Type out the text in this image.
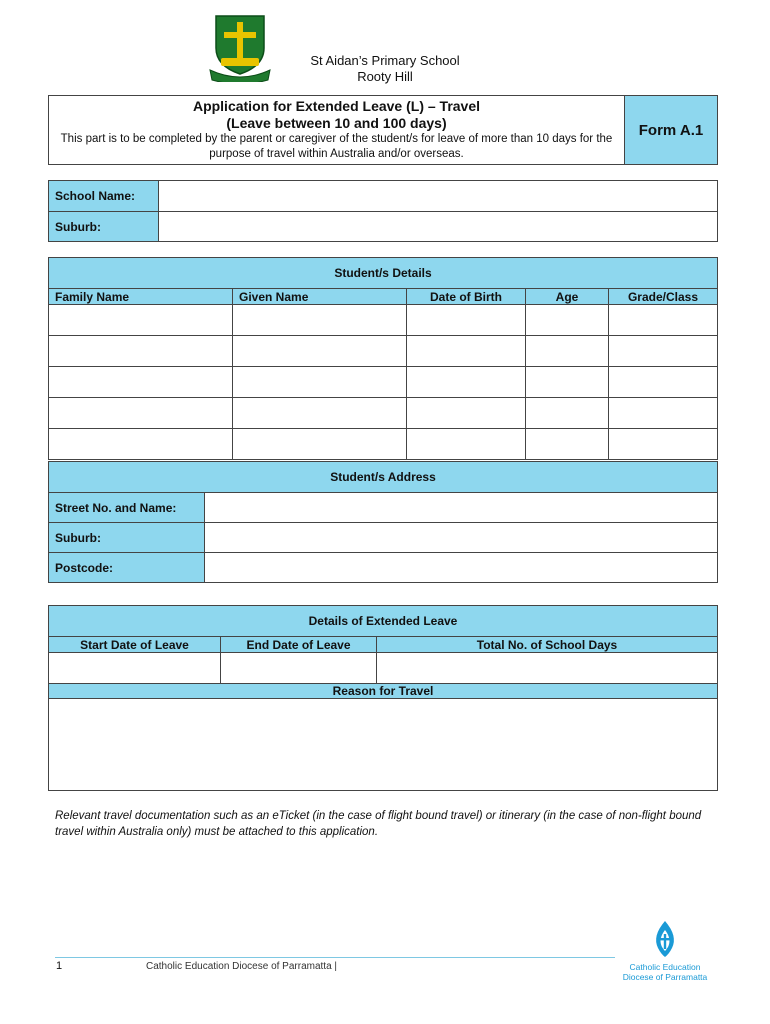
St Aidan’s Primary School
Rooty Hill
Application for Extended Leave (L) – Travel
(Leave between 10 and 100 days)
This part is to be completed by the parent or caregiver of the student/s for leave of more than 10 days for the
purpose of travel within Australia and/or overseas.
	Form A.1
School Name:	
Suburb:	
Student/s Details				
Family Name	Given Name	Date of Birth	Age	Grade/Class

Student/s Address	
Street No. and Name:	
Suburb:	
Postcode:	
Details of Extended Leave		
Start Date of Leave	End Date of Leave	Total No. of School Days

Reason for Travel		

Relevant travel documentation such as an eTicket (in the case of flight bound travel) or itinerary (in the case of non-flight bound travel within Australia only) must be attached to this application.
1	Catholic Education Diocese of Parramatta |	Catholic Education
Diocese of Parramatta
